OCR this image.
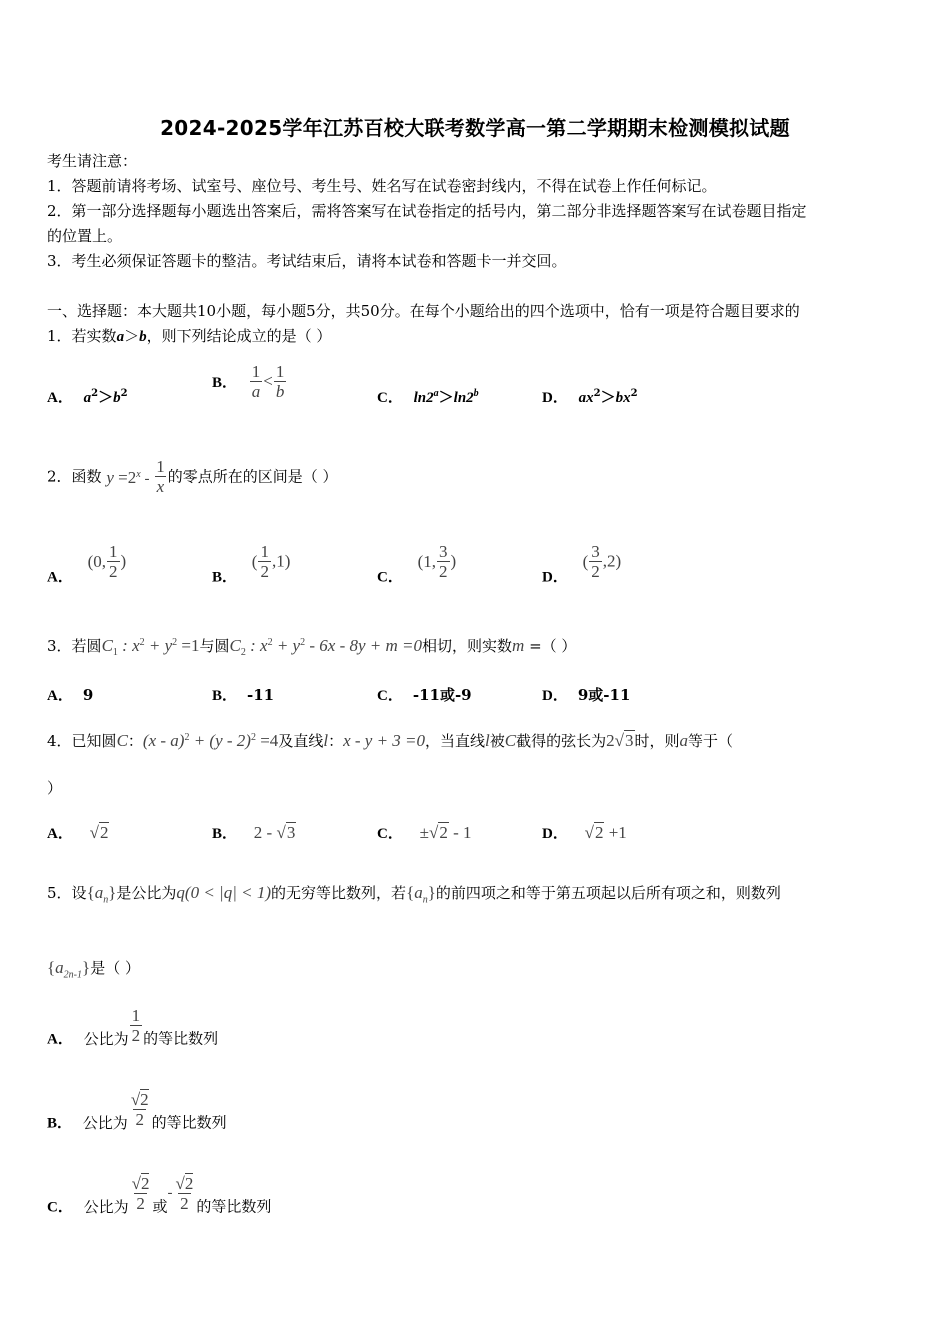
2024-2025学年江苏百校大联考数学高一第二学期期末检测模拟试题
考生请注意：
1．答题前请将考场、试室号、座位号、考生号、姓名写在试卷密封线内，不得在试卷上作任何标记。
2．第一部分选择题每小题选出答案后，需将答案写在试卷指定的括号内，第二部分非选择题答案写在试卷题目指定
的位置上。
3．考生必须保证答题卡的整洁。考试结束后，请将本试卷和答题卡一并交回。
一、选择题：本大题共10小题，每小题5分，共50分。在每个小题给出的四个选项中，恰有一项是符合题目要求的
1．若实数a＞b，则下列结论成立的是（ ）
A． $a^2>b^2$
B． $\frac{1}{a} < \frac{1}{b}$	C． $\ln 2^a>\ln 2^b$	D． $ax^2>bx^2$
2．函数 $y =2^x - \frac{1}{x}$ 的零点所在的区间是（ ）
A． (0, $\frac{1}{2}$ )
B． ( $\frac{1}{2} ,1$)
C． (1, $\frac{3}{2}$ )
D． ( $\frac{3}{2} ,2$)
3．若圆$C_1$ : $x^2 + y^2 =1$与圆$C_2$ : $x^2 + y^2 - 6x - 8y + m =0$相切，则实数m =（ ）
A． 9	B． -11	C． -11或-9	D． 9或-11
4．已知圆C：(x - a)$^2$ + (y - 2)$^2$ =4及直线l：x - y + 3 =0，当直线l被C截得的弦长为2√3时，则a等于（
）
A． √2	B． 2 - √3	C． ±√2 - 1	D． √2 +1
5．设$\{a_n\}$是公比为q(0 < |q| < 1)的无穷等比数列，若$\{a_n\}$的前四项之和等于第五项起以后所有项之和，则数列
$\{a_{2n-1}\}$是（ ）
A． 公比为 $\frac{1}{2}$ 的等比数列
B． 公比为 $\frac{√2}{2}$ 的等比数列
C． 公比为 $\frac{√2}{2}$ 或- $\frac{√2}{2}$ 的等比数列
